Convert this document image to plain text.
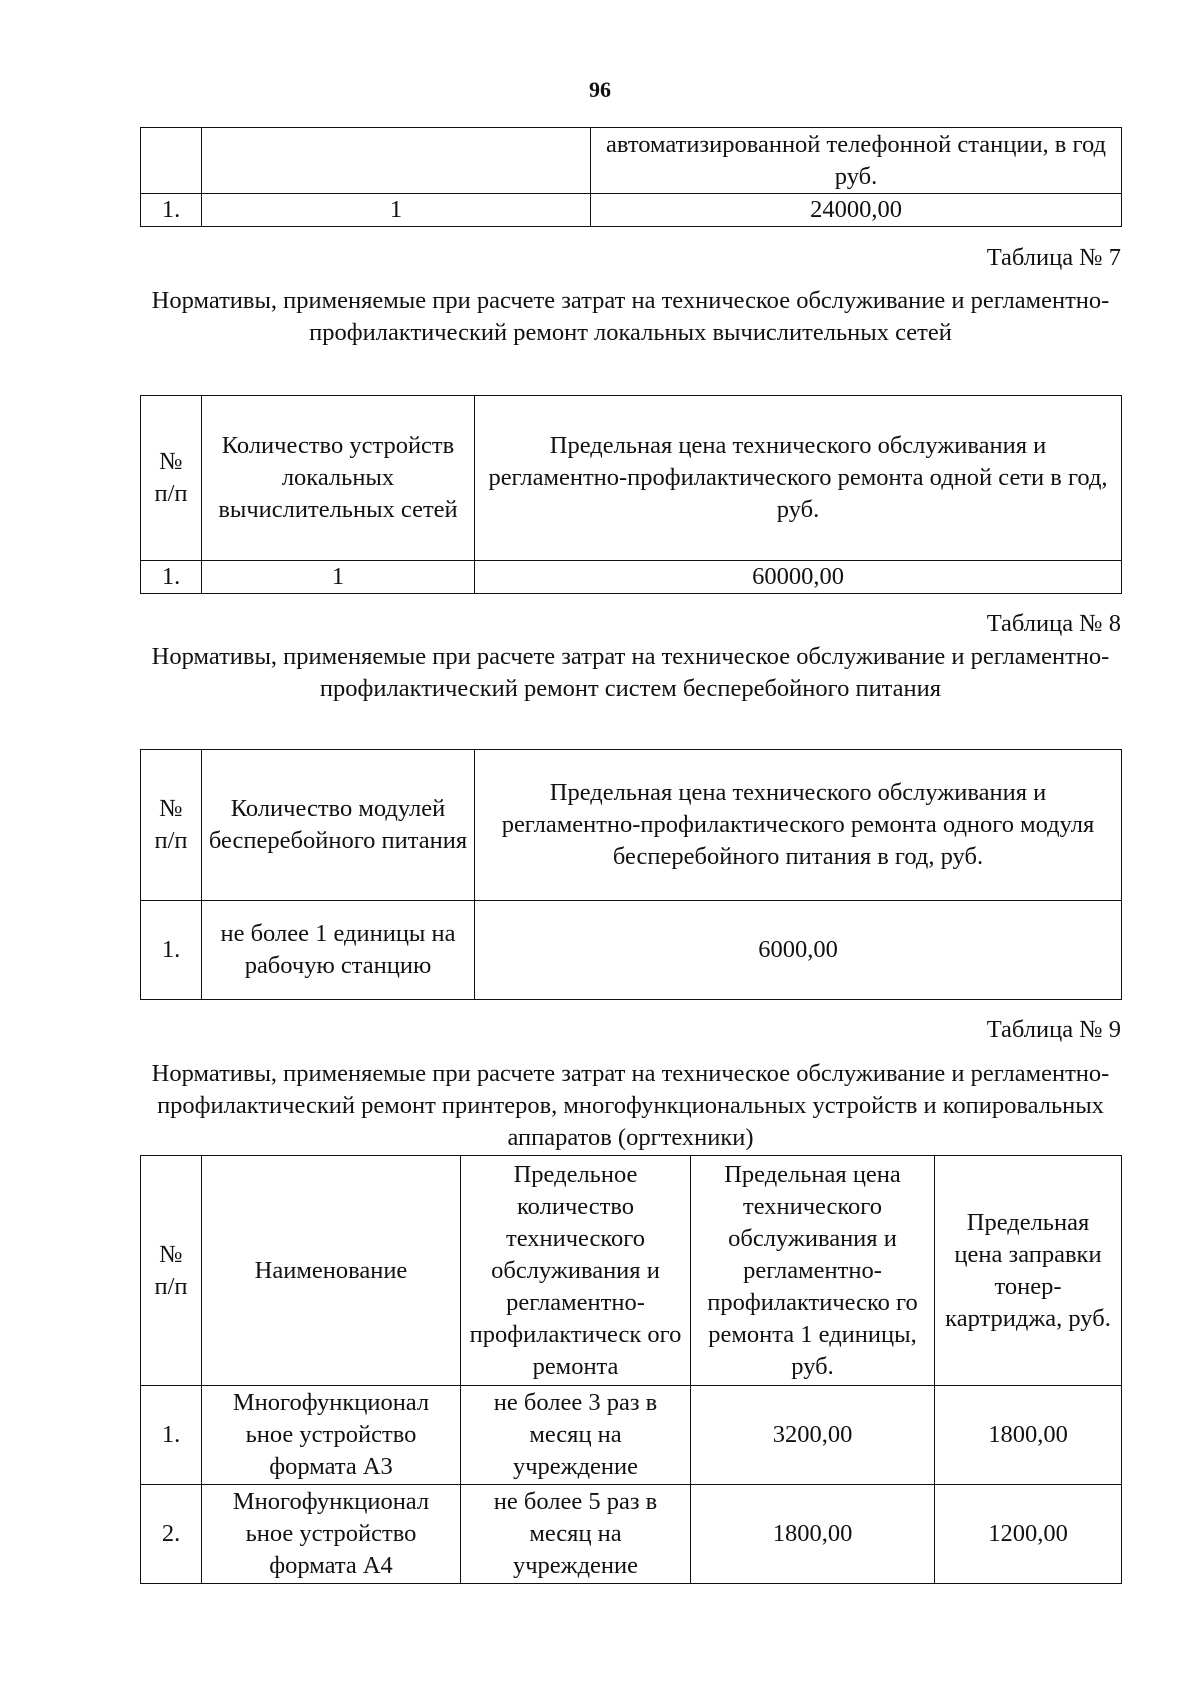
96
		автоматизированной телефонной станции, в год руб.
1.	1	24000,00
Таблица № 7
Нормативы, применяемые при расчете затрат на техническое обслуживание и регламентно-профилактический ремонт локальных вычислительных сетей
№ п/п	Количество устройств локальных вычислительных сетей	Предельная цена технического обслуживания и регламентно-профилактического ремонта одной сети в год, руб.
1.	1	60000,00
Таблица № 8
Нормативы, применяемые при расчете затрат на техническое обслуживание и регламентно-профилактический ремонт систем бесперебойного питания
№ п/п	Количество модулей бесперебойного питания	Предельная цена технического обслуживания и регламентно-профилактического ремонта одного модуля бесперебойного питания в год, руб.
1.	не более 1 единицы на рабочую станцию	6000,00
Таблица № 9
Нормативы, применяемые при расчете затрат на техническое обслуживание и регламентно-профилактический ремонт принтеров, многофункциональных устройств и копировальных аппаратов (оргтехники)
№ п/п	Наименование	Предельное количество технического обслуживания и регламентно-профилактическ ого ремонта	Предельная цена технического обслуживания и регламентно-профилактическо го ремонта 1 единицы, руб.	Предельная цена заправки тонер-картриджа, руб.
1.	Многофункционал ьное устройство формата А3	не более 3 раз в месяц на учреждение	3200,00	1800,00
2.	Многофункционал ьное устройство формата А4	не более 5 раз в месяц на учреждение	1800,00	1200,00
